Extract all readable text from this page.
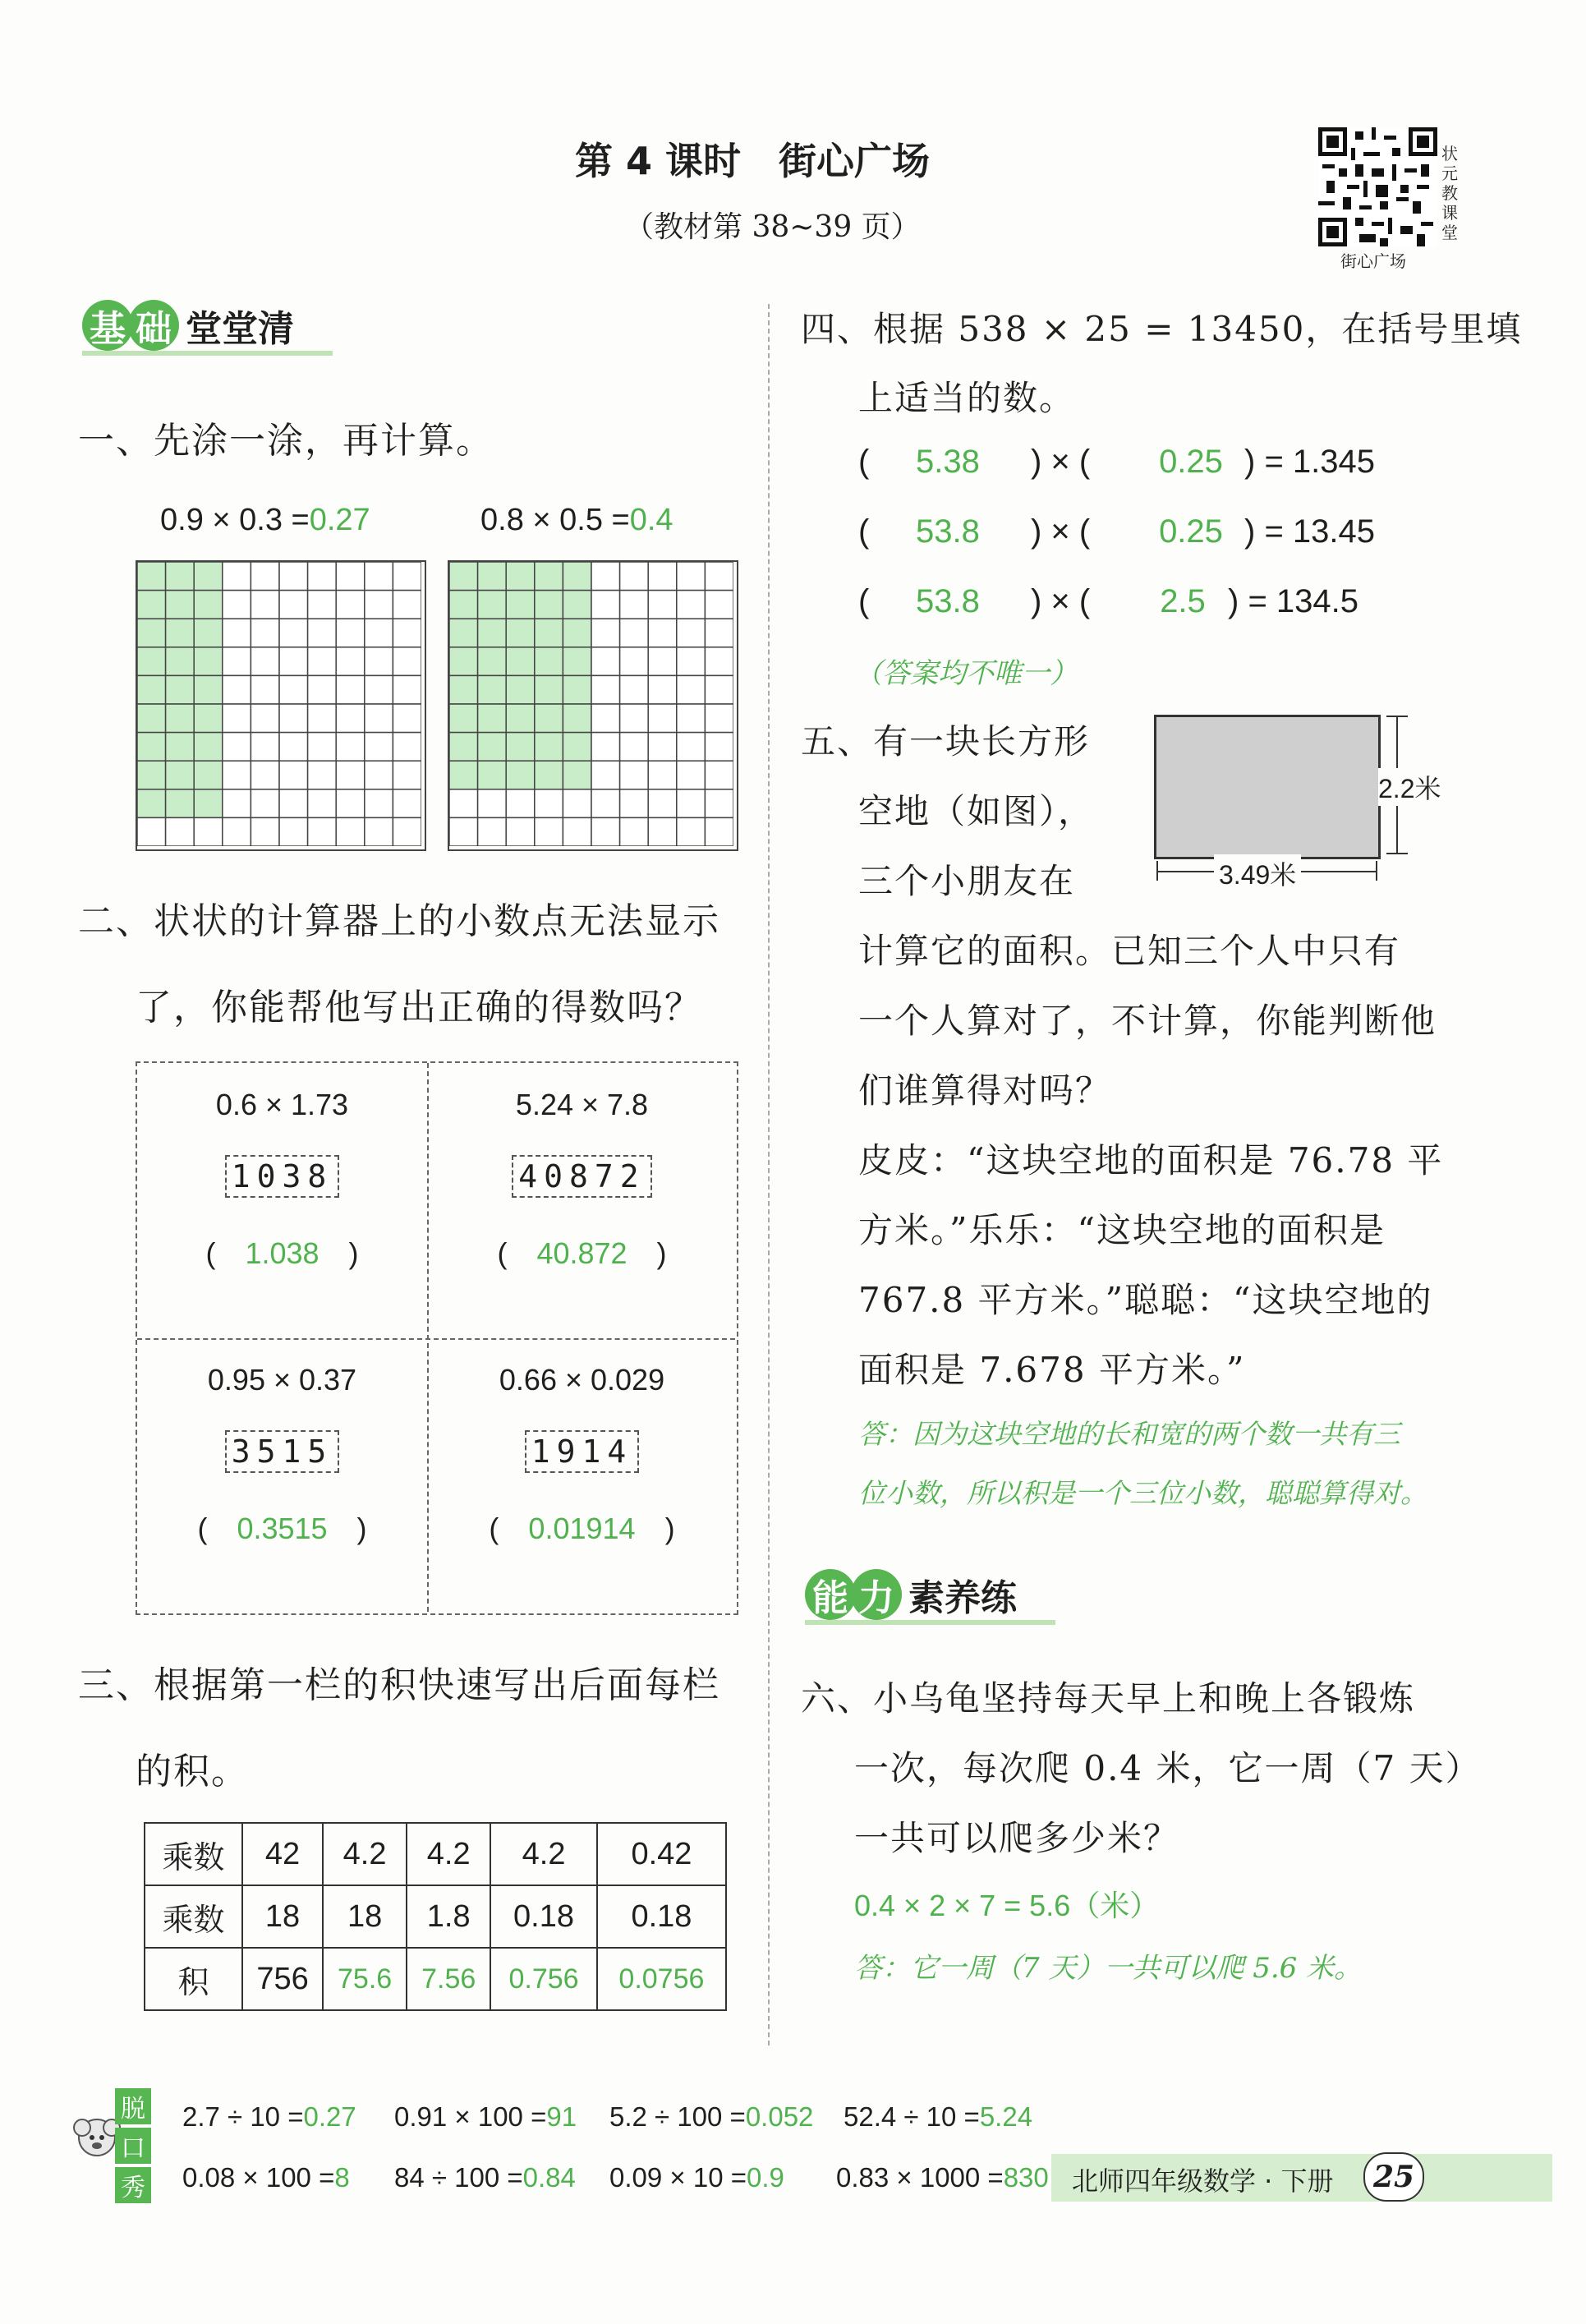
第 4 课时　街心广场
（教材第 38~39 页）
状元教课堂
街心广场
基 础 堂堂清
一、先涂一涂，再计算。
0.9 × 0.3 =0.27	0.8 × 0.5 =0.4
二、状状的计算器上的小数点无法显示
了，你能帮他写出正确的得数吗？
0.6 × 1.73
1038
(　1.038　)
5.24 × 7.8
40872
(　40.872　)
0.95 × 0.37
3515
(　0.3515　)
0.66 × 0.029
1914
(　0.01914　)
三、根据第一栏的积快速写出后面每栏
的积。
乘数	42	4.2	4.2	4.2	0.42
乘数	18	18	1.8	0.18	0.18
积	756	75.6	7.56	0.756	0.0756
四、根据 538 × 25 = 13450，在括号里填
上适当的数。
( 5.38 ) × ( 0.25 ) = 1.345
( 53.8 ) × ( 0.25 ) = 13.45
( 53.8 ) × ( 2.5 ) = 134.5
（答案均不唯一）
五、有一块长方形
空地（如图），
三个小朋友在
2.2米
3.49米
计算它的面积。已知三个人中只有
一个人算对了，不计算，你能判断他
们谁算得对吗？
皮皮：“这块空地的面积是 76.78 平
方米。”乐乐：“这块空地的面积是
767.8 平方米。”聪聪：“这块空地的
面积是 7.678 平方米。”
答：因为这块空地的长和宽的两个数一共有三
位小数，所以积是一个三位小数，聪聪算得对。
能 力 素养练
六、小乌龟坚持每天早上和晚上各锻炼
一次，每次爬 0.4 米，它一周（7 天）
一共可以爬多少米？
0.4 × 2 × 7 = 5.6（米）
答：它一周（7 天）一共可以爬 5.6 米。
脱
口
秀
2.7 ÷ 10 =0.27 0.91 × 100 =91 5.2 ÷ 100 =0.052 52.4 ÷ 10 =5.24
0.08 × 100 =8 84 ÷ 100 =0.84 0.09 × 10 =0.9	0.83 × 1000 =830 北师四年级数学 · 下册	25
